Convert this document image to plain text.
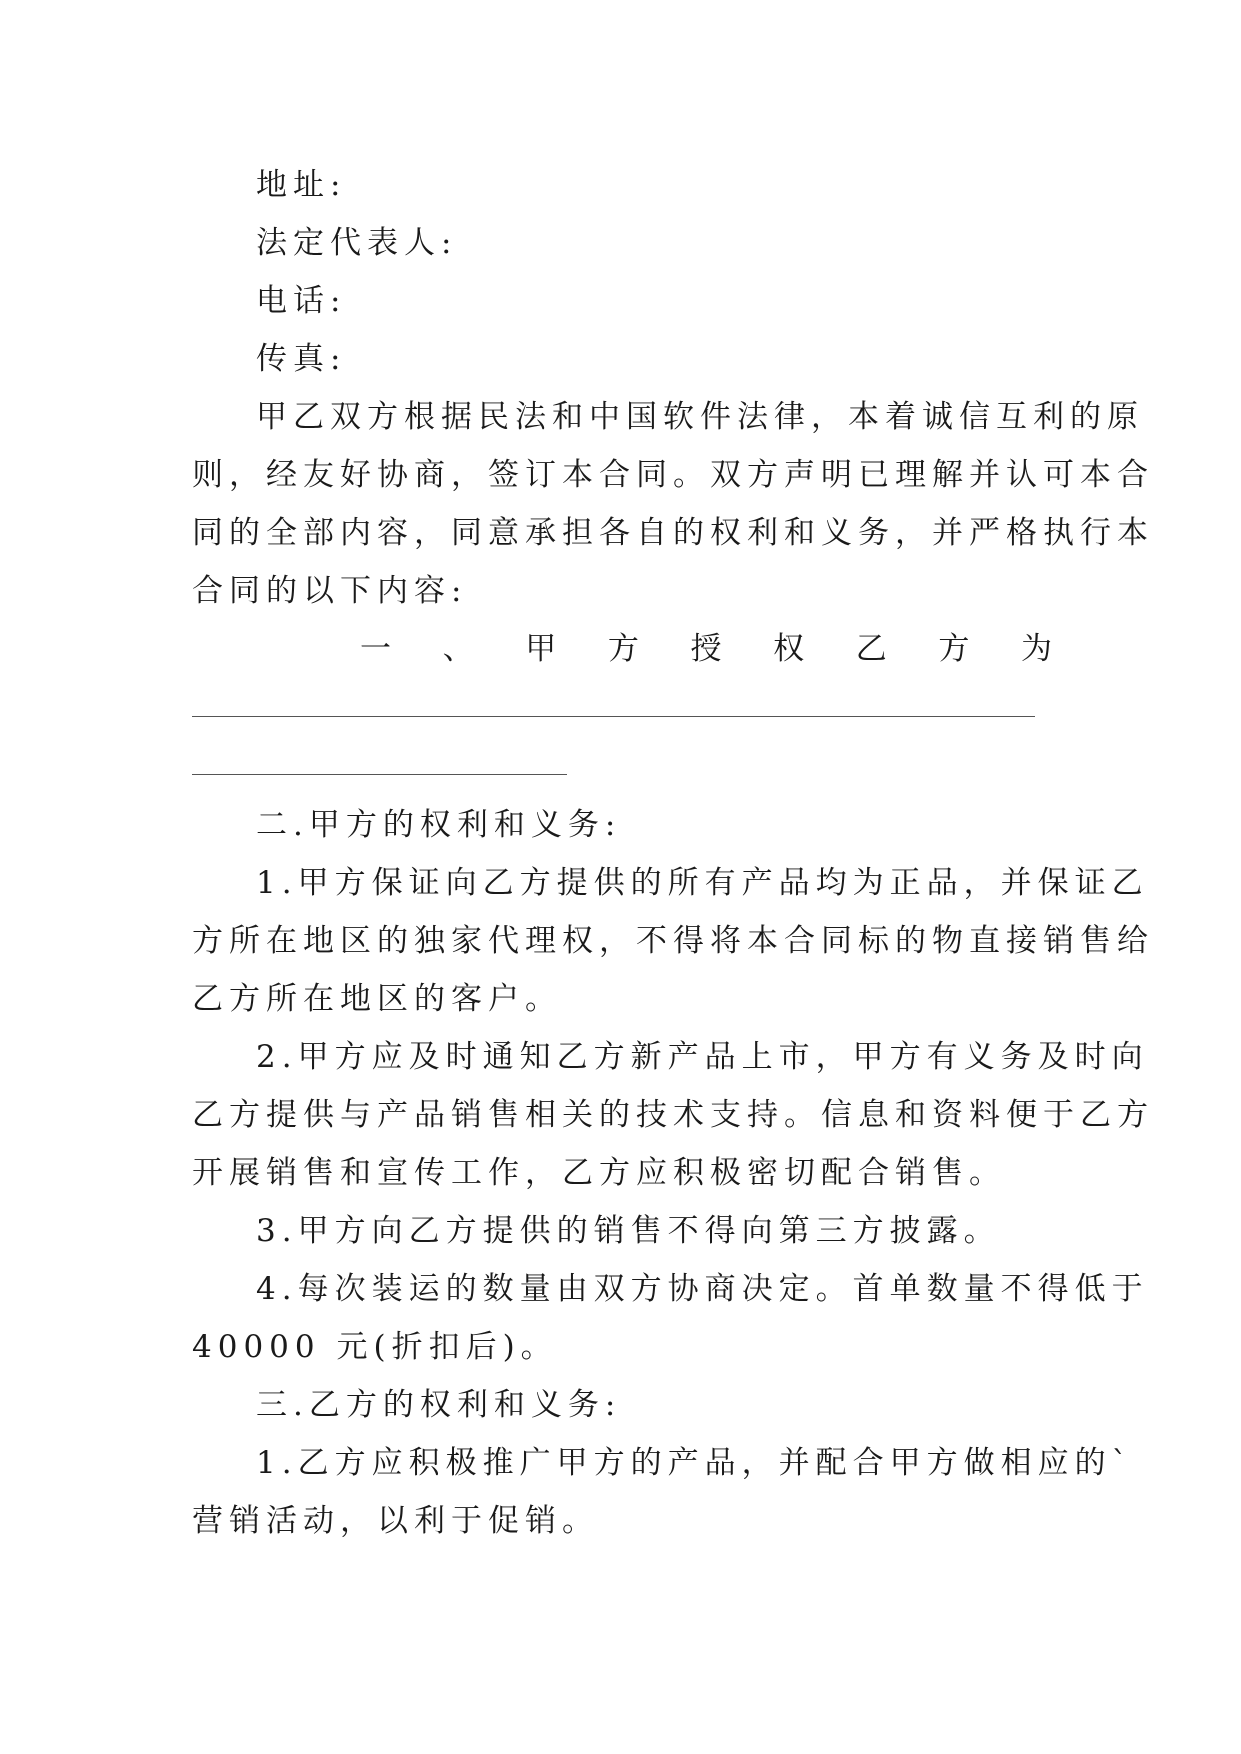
地址:
法定代表人:
电话:
传真:
甲乙双方根据民法和中国软件法律，本着诚信互利的原
则，经友好协商，签订本合同。双方声明已理解并认可本合
同的全部内容，同意承担各自的权利和义务，并严格执行本
合同的以下内容:
一 、 甲 方 授 权 乙 方 为
二.甲方的权利和义务:
1.甲方保证向乙方提供的所有产品均为正品，并保证乙
方所在地区的独家代理权，不得将本合同标的物直接销售给
乙方所在地区的客户。
2.甲方应及时通知乙方新产品上市，甲方有义务及时向
乙方提供与产品销售相关的技术支持。信息和资料便于乙方
开展销售和宣传工作，乙方应积极密切配合销售。
3.甲方向乙方提供的销售不得向第三方披露。
4.每次装运的数量由双方协商决定。首单数量不得低于
40000 元(折扣后)。
三.乙方的权利和义务:
1.乙方应积极推广甲方的产品，并配合甲方做相应的`
营销活动，以利于促销。
